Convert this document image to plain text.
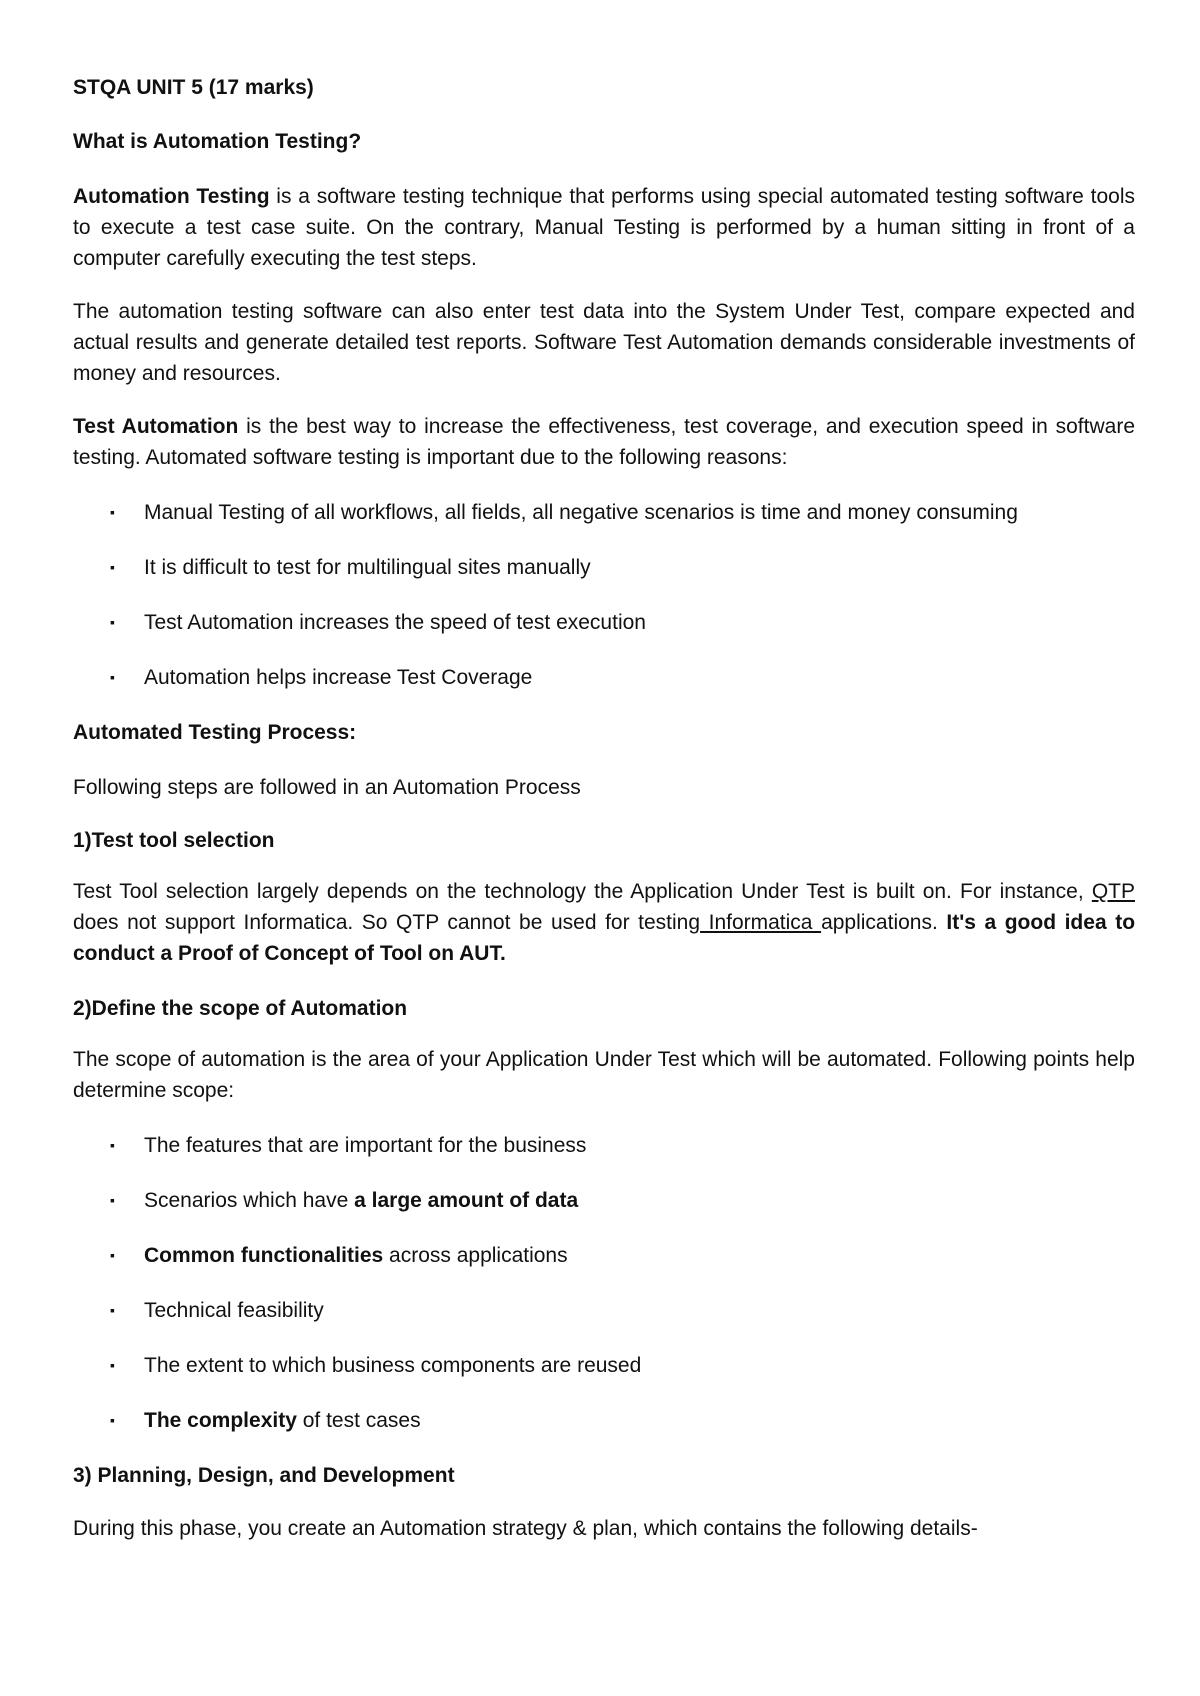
STQA UNIT 5 (17 marks)
What is Automation Testing?
Automation Testing is a software testing technique that performs using special automated testing software tools to execute a test case suite. On the contrary, Manual Testing is performed by a human sitting in front of a computer carefully executing the test steps.
The automation testing software can also enter test data into the System Under Test, compare expected and actual results and generate detailed test reports. Software Test Automation demands considerable investments of money and resources.
Test Automation is the best way to increase the effectiveness, test coverage, and execution speed in software testing. Automated software testing is important due to the following reasons:
▪ Manual Testing of all workflows, all fields, all negative scenarios is time and money consuming
▪ It is difficult to test for multilingual sites manually
▪ Test Automation increases the speed of test execution
▪ Automation helps increase Test Coverage
Automated Testing Process:
Following steps are followed in an Automation Process
1)Test tool selection
Test Tool selection largely depends on the technology the Application Under Test is built on. For instance, QTP does not support Informatica. So QTP cannot be used for testing Informatica applications. It's a good idea to conduct a Proof of Concept of Tool on AUT.
2)Define the scope of Automation
The scope of automation is the area of your Application Under Test which will be automated. Following points help determine scope:
▪ The features that are important for the business
▪ Scenarios which have a large amount of data
▪ Common functionalities across applications
▪ Technical feasibility
▪ The extent to which business components are reused
▪ The complexity of test cases
3) Planning, Design, and Development
During this phase, you create an Automation strategy & plan, which contains the following details-
